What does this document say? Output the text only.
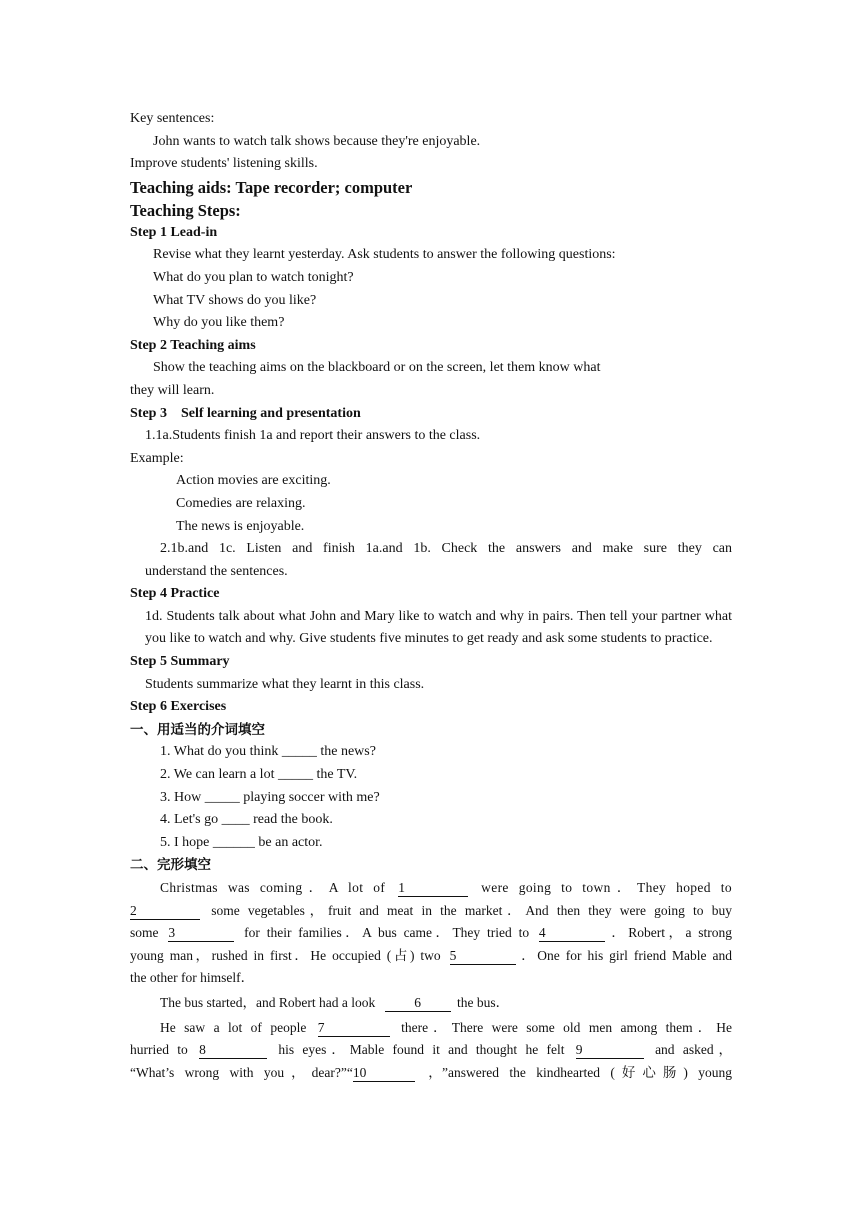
Key sentences:
John wants to watch talk shows because they're enjoyable.
Improve students' listening skills.
Teaching aids: Tape recorder; computer
Teaching Steps:
Step 1 Lead-in
Revise what they learnt yesterday. Ask students to answer the following questions:
What do you plan to watch tonight?
What TV shows do you like?
Why do you like them?
Step 2 Teaching aims
Show the teaching aims on the blackboard or on the screen, let them know what
they will learn.
Step 3    Self learning and presentation
1.1a.Students finish 1a and report their answers to the class.
Example:
Action movies are exciting.
Comedies are relaxing.
The news is enjoyable.
2.1b.and 1c. Listen and finish 1a.and 1b. Check the answers and make sure they can
understand the sentences.
Step 4 Practice
1d. Students talk about what John and Mary like to watch and why in pairs. Then tell your partner what you like to watch and why. Give students five minutes to get ready and ask some students to practice.
Step 5 Summary
Students summarize what they learnt in this class.
Step 6 Exercises
一、用适当的介词填空
1. What do you think _____ the news?
2. We can learn a lot _____ the TV.
3. How _____ playing soccer with me?
4. Let's go ____ read the book.
5. I hope ______ be an actor.
二、完形填空
Christmas was coming．A lot of 1	were going to town．They hoped to
2	some vegetables，fruit and meat in the market．And then they were going to buy
some 3	for their families．A bus came．They tried to 4	．Robert，a strong
young man，rushed in first．He occupied (占) two 5	．One for his girl friend Mable and
the other for himself．
The bus started，and Robert had a look	6	the bus．
He saw a lot of people 7	there．There were some old men among them．He
hurried to 8	his eyes．Mable found it and thought he felt 9	and asked，
“What’s wrong with you，dear?”“10	，”answered the kindhearted (好心肠) young
